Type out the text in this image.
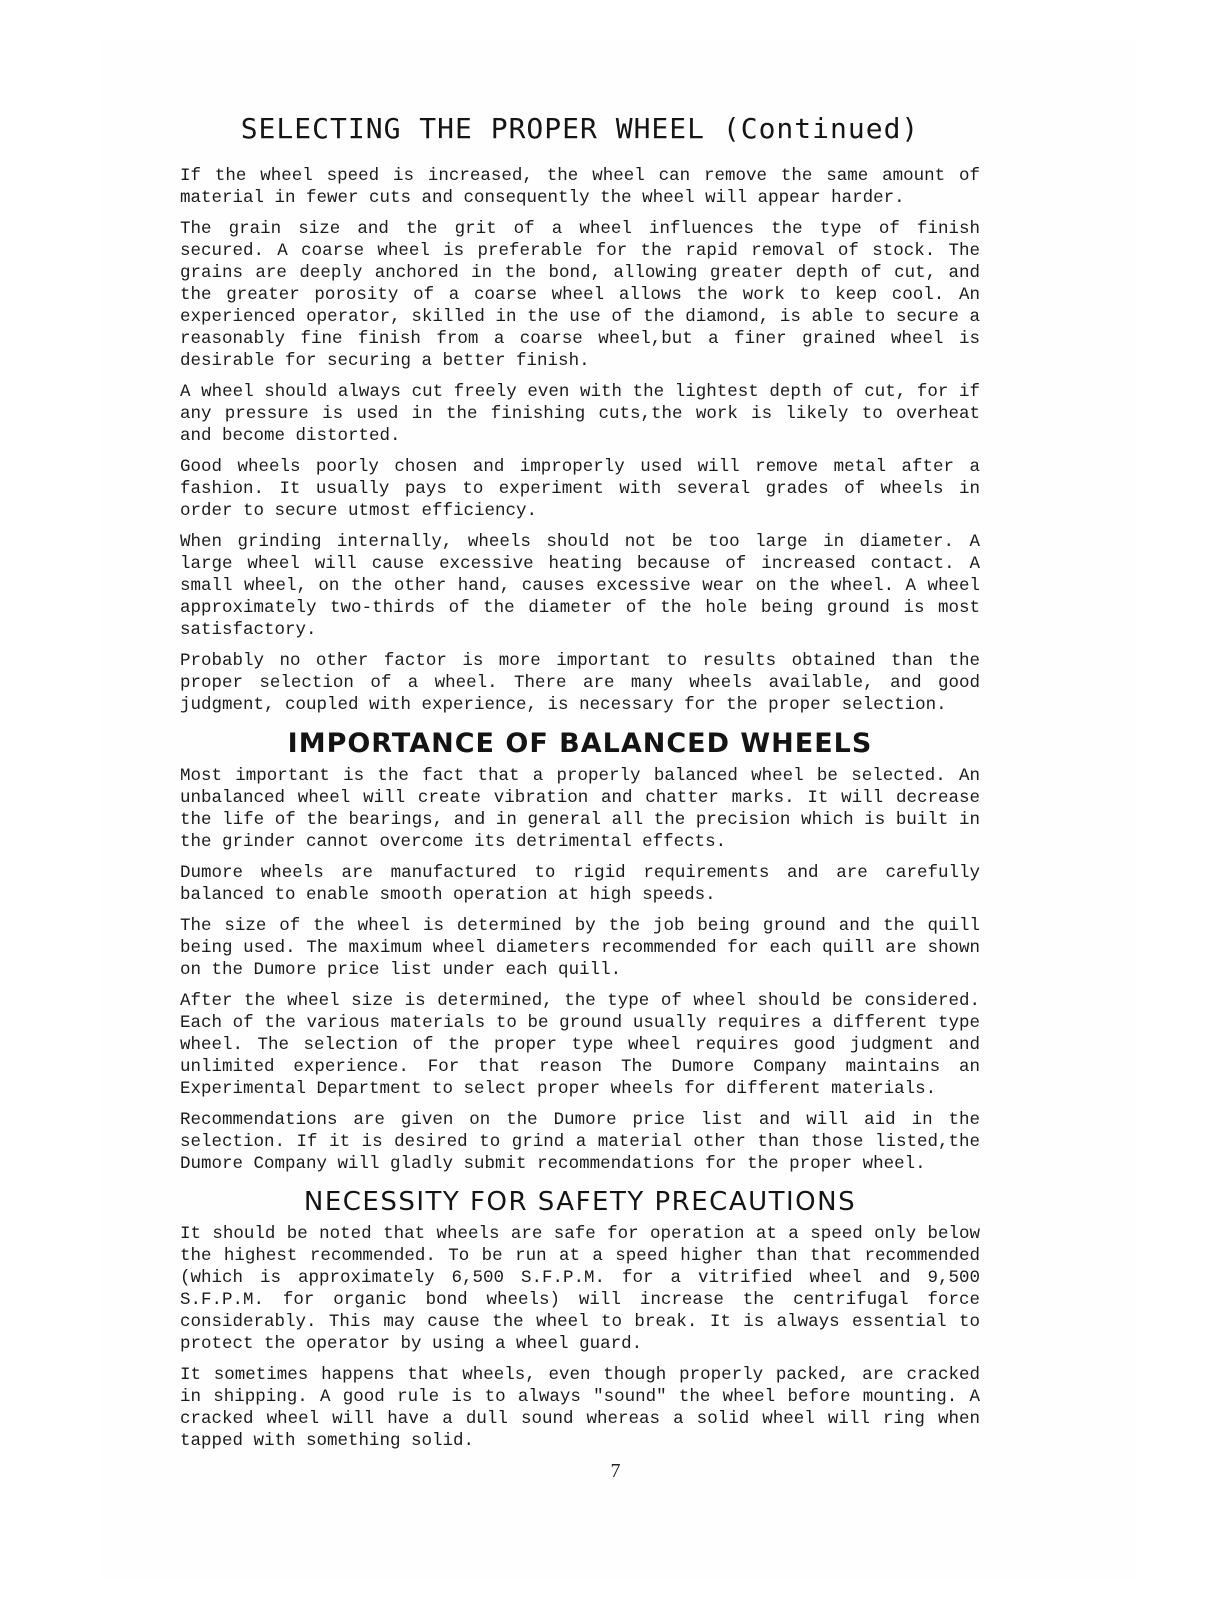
SELECTING THE PROPER WHEEL (Continued)

If the wheel speed is increased, the wheel can remove the same amount of material in fewer cuts and consequently the wheel will appear harder.

The grain size and the grit of a wheel influences the type of finish secured. A coarse wheel is preferable for the rapid removal of stock. The grains are deeply anchored in the bond, allowing greater depth of cut, and the greater porosity of a coarse wheel allows the work to keep cool. An experienced operator, skilled in the use of the diamond, is able to secure a reasonably fine finish from a coarse wheel,but a finer grained wheel is desirable for securing a better finish.

A wheel should always cut freely even with the lightest depth of cut, for if any pressure is used in the finishing cuts,the work is likely to overheat and become distorted.

Good wheels poorly chosen and improperly used will remove metal after a fashion. It usually pays to experiment with several grades of wheels in order to secure utmost efficiency.

When grinding internally, wheels should not be too large in diameter. A large wheel will cause excessive heating because of increased contact. A small wheel, on the other hand, causes excessive wear on the wheel. A wheel approximately two-thirds of the diameter of the hole being ground is most satisfactory.

Probably no other factor is more important to results obtained than the proper selection of a wheel. There are many wheels available, and good judgment, coupled with experience, is necessary for the proper selection.

IMPORTANCE OF BALANCED WHEELS

Most important is the fact that a properly balanced wheel be selected. An unbalanced wheel will create vibration and chatter marks. It will decrease the life of the bearings, and in general all the precision which is built in the grinder cannot overcome its detrimental effects.

Dumore wheels are manufactured to rigid requirements and are carefully balanced to enable smooth operation at high speeds.

The size of the wheel is determined by the job being ground and the quill being used. The maximum wheel diameters recommended for each quill are shown on the Dumore price list under each quill.

After the wheel size is determined, the type of wheel should be considered. Each of the various materials to be ground usually requires a different type wheel. The selection of the proper type wheel requires good judgment and unlimited experience. For that reason The Dumore Company maintains an Experimental Department to select proper wheels for different materials.

Recommendations are given on the Dumore price list and will aid in the selection. If it is desired to grind a material other than those listed,the Dumore Company will gladly submit recommendations for the proper wheel.

NECESSITY FOR SAFETY PRECAUTIONS

It should be noted that wheels are safe for operation at a speed only below the highest recommended. To be run at a speed higher than that recommended (which is approximately 6,500 S.F.P.M. for a vitrified wheel and 9,500 S.F.P.M. for organic bond wheels) will increase the centrifugal force considerably. This may cause the wheel to break. It is always essential to protect the operator by using a wheel guard.

It sometimes happens that wheels, even though properly packed, are cracked in shipping. A good rule is to always "sound" the wheel before mounting. A cracked wheel will have a dull sound whereas a solid wheel will ring when tapped with something solid.

7
